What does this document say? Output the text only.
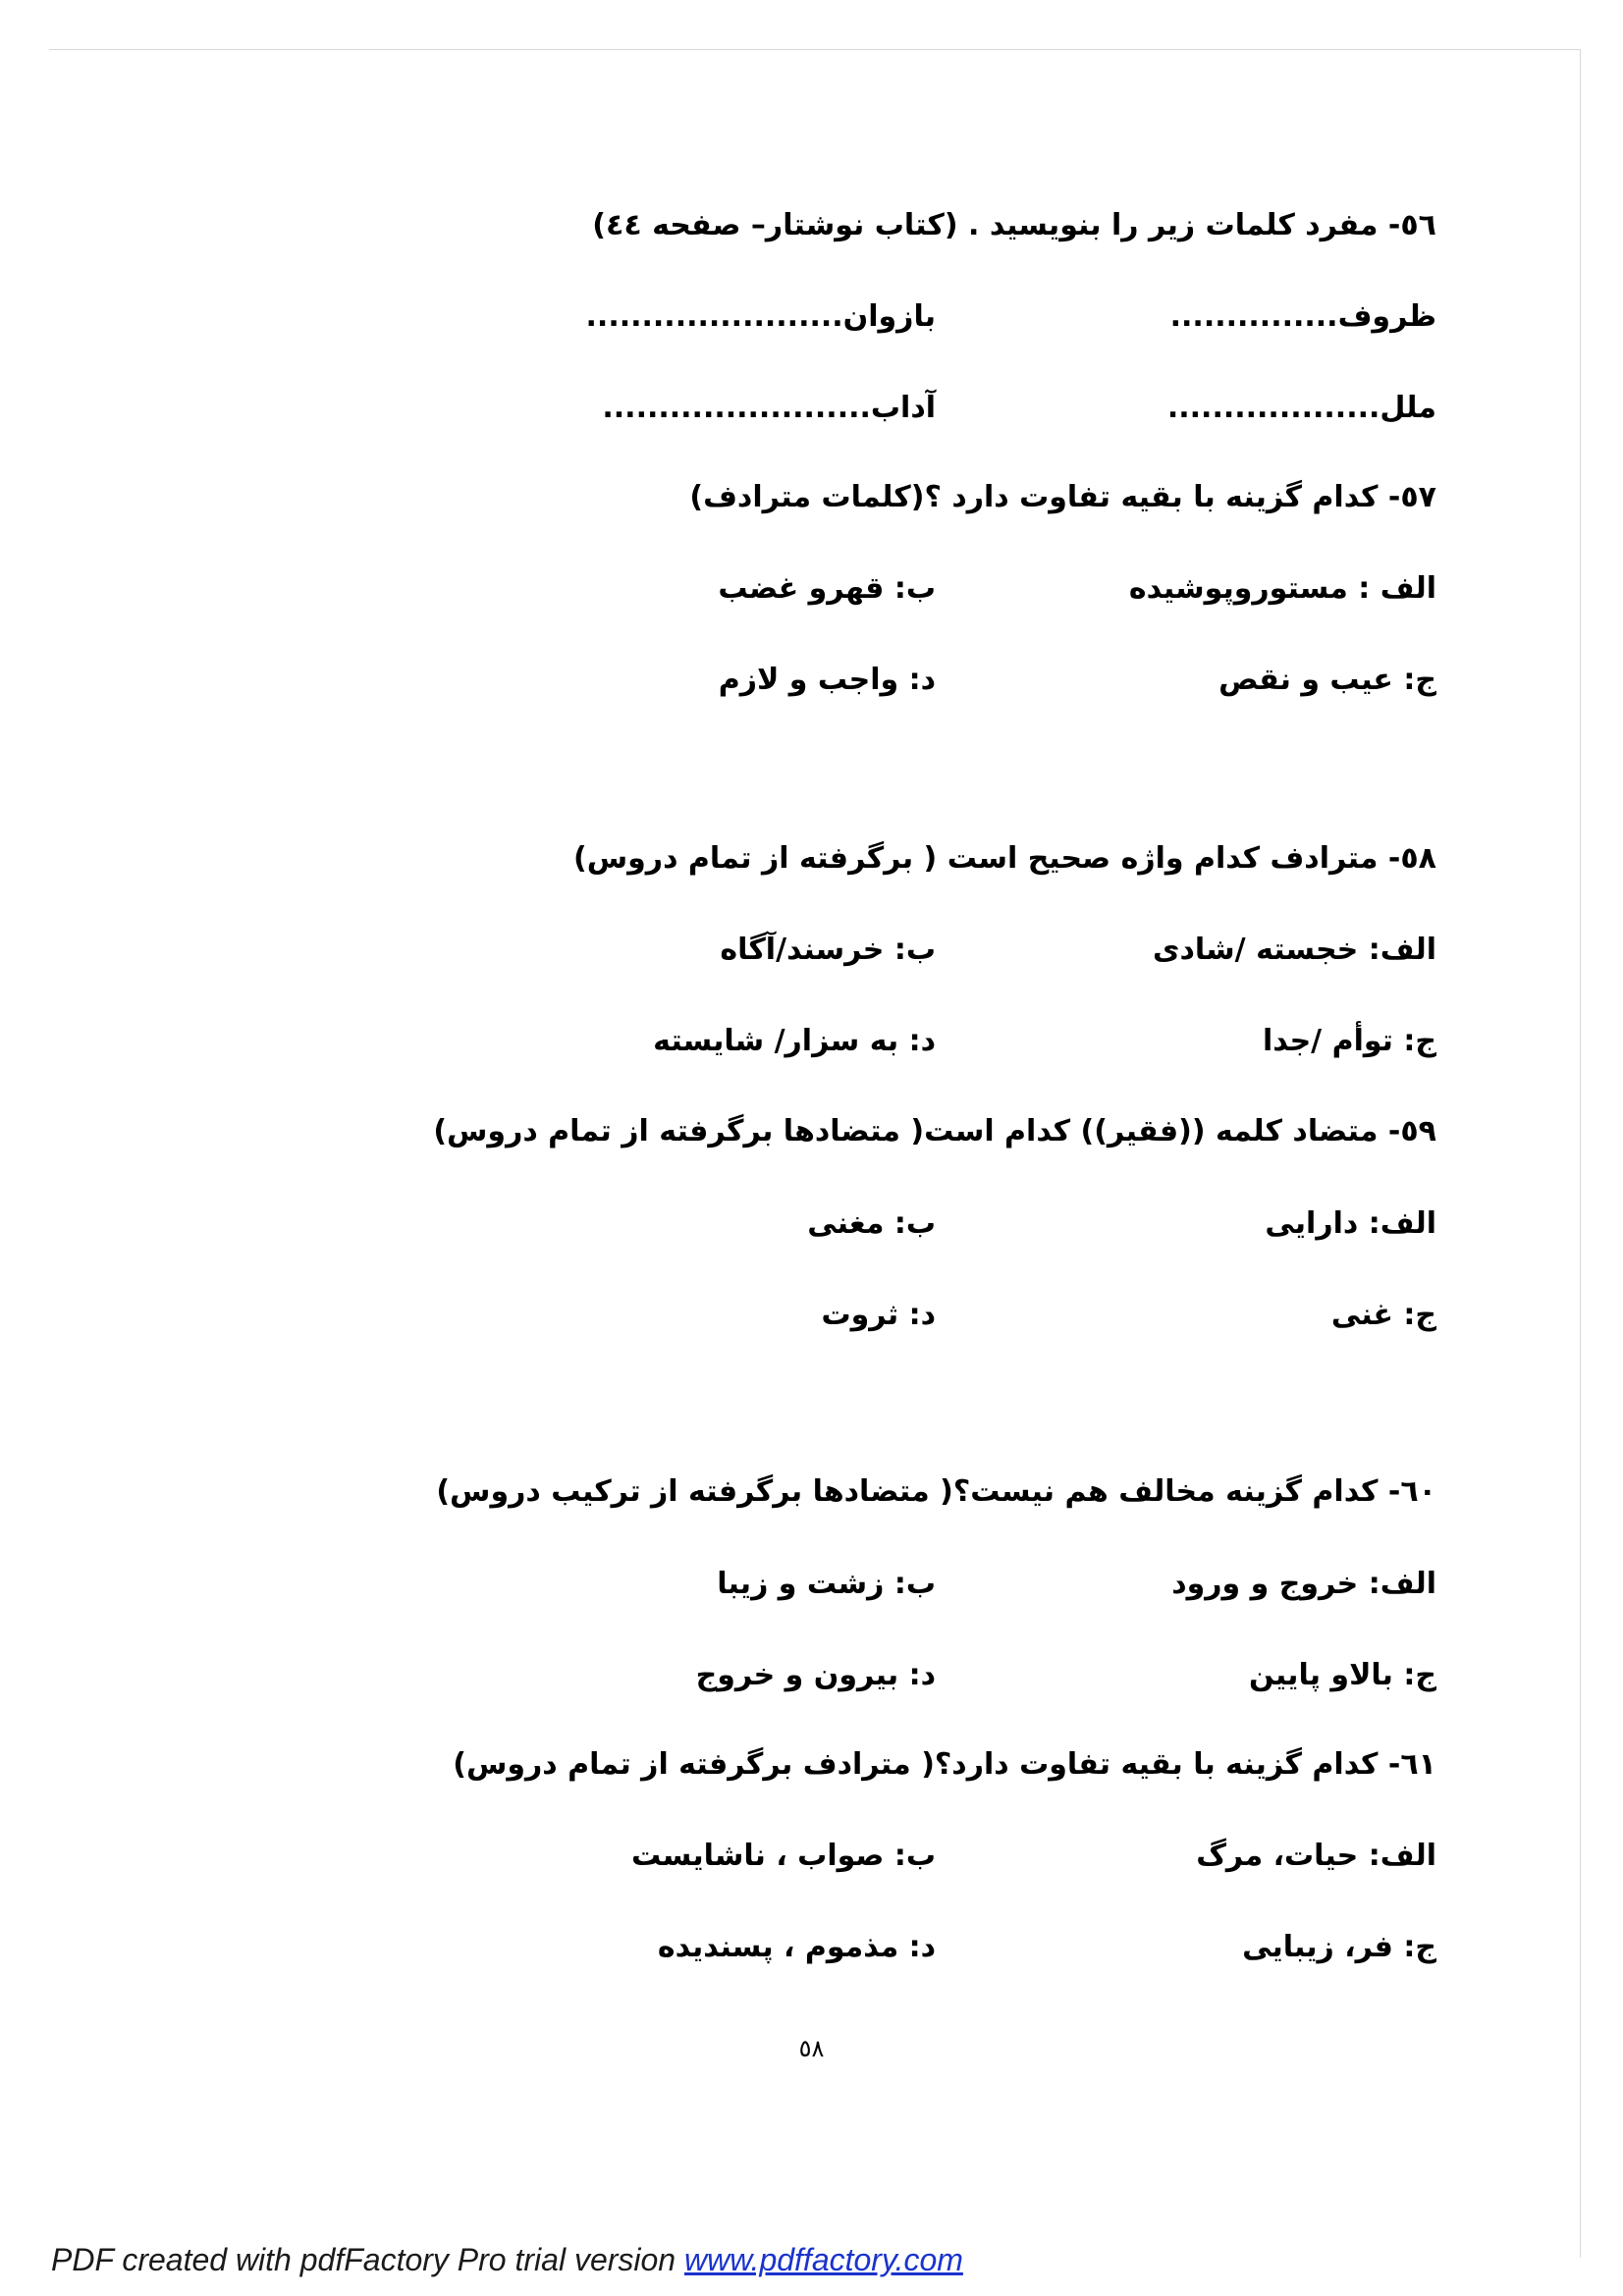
٥٦- مفرد کلمات زیر را بنویسید . (کتاب نوشتار– صفحه ٤٤)
ظروف...............
بازوان.......................
ملل...................
آداب........................
٥٧- کدام گزینه با بقیه تفاوت دارد ؟(کلمات مترادف)
الف : مستوروپوشیده
ب: قهرو غضب
ج: عیب و نقص
د: واجب و لازم
٥٨- مترادف کدام واژه صحیح است ( برگرفته از تمام دروس)
الف: خجسته /شادی
ب: خرسند/آگاه
ج: توأم /جدا
د: به سزار/ شایسته
٥٩- متضاد کلمه ((فقیر)) کدام است( متضادها برگرفته از تمام دروس)
الف: دارایی
ب: مغنی
ج: غنی
د: ثروت
٦٠- کدام گزینه مخالف هم نیست؟( متضادها برگرفته از ترکیب دروس)
الف: خروج و ورود
ب: زشت و زیبا
ج: بالاو پایین
د: بیرون و خروج
٦١- کدام گزینه با بقیه تفاوت دارد؟( مترادف برگرفته از تمام دروس)
الف: حیات، مرگ
ب: صواب ، ناشایست
ج: فر، زیبایی
د: مذموم ، پسندیده
٥٨
PDF created with pdfFactory Pro trial version www.pdffactory.com
